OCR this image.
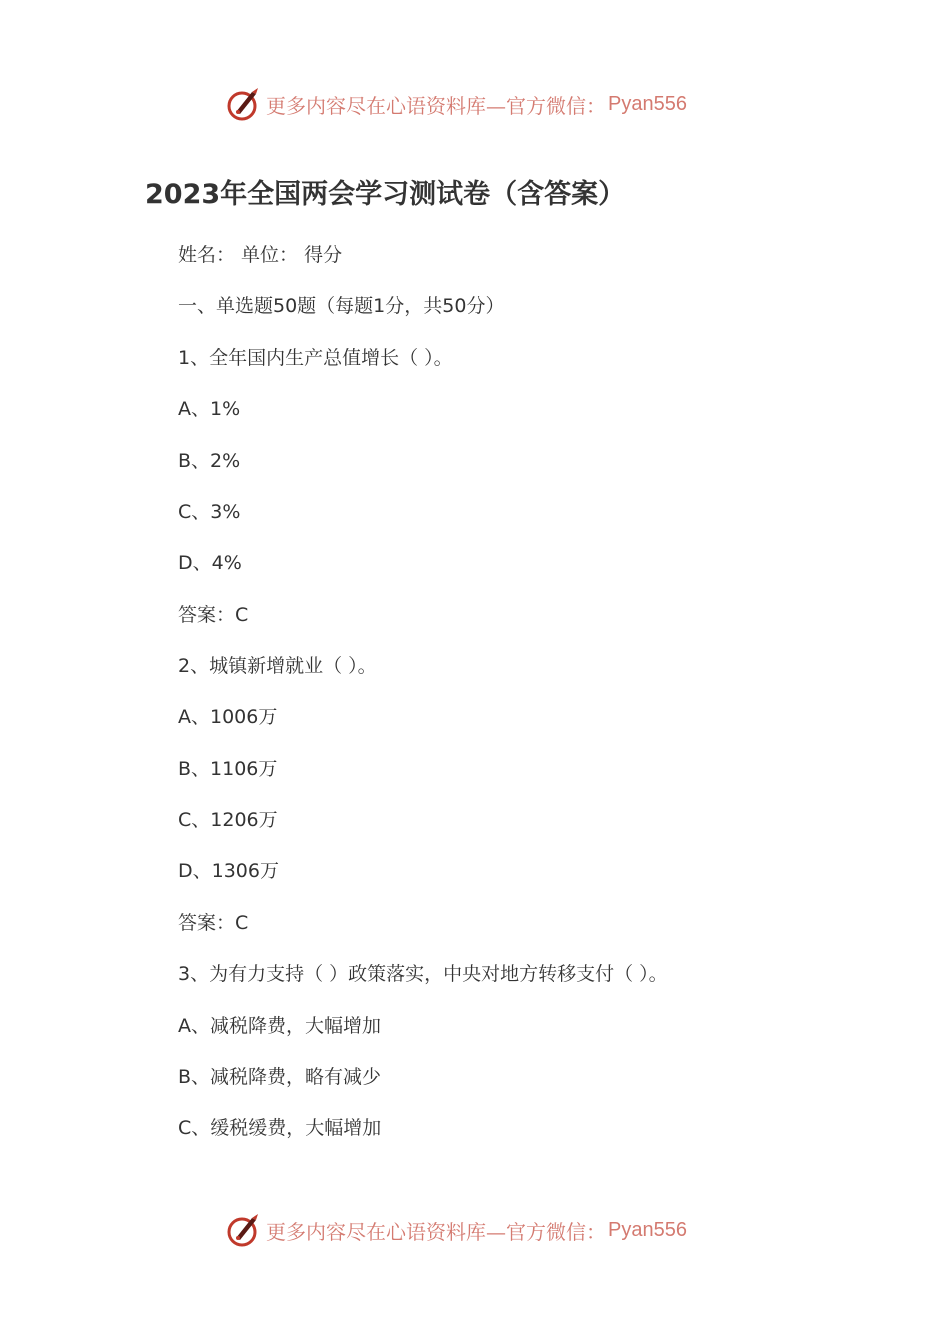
更多内容尽在心语资料库—官方微信： Pyan556
2023年全国两会学习测试卷（含答案）

姓名： 单位： 得分

一、单选题50题（每题1分，共50分）

1、全年国内生产总值增长（ ）。

A、1%

B、2%

C、3%

D、4%

答案：C

2、城镇新增就业（ ）。

A、1006万

B、1106万

C、1206万

D、1306万

答案：C

3、为有力支持（ ）政策落实，中央对地方转移支付（ ）。

A、减税降费，大幅增加

B、减税降费，略有减少

C、缓税缓费，大幅增加

更多内容尽在心语资料库—官方微信： Pyan556
